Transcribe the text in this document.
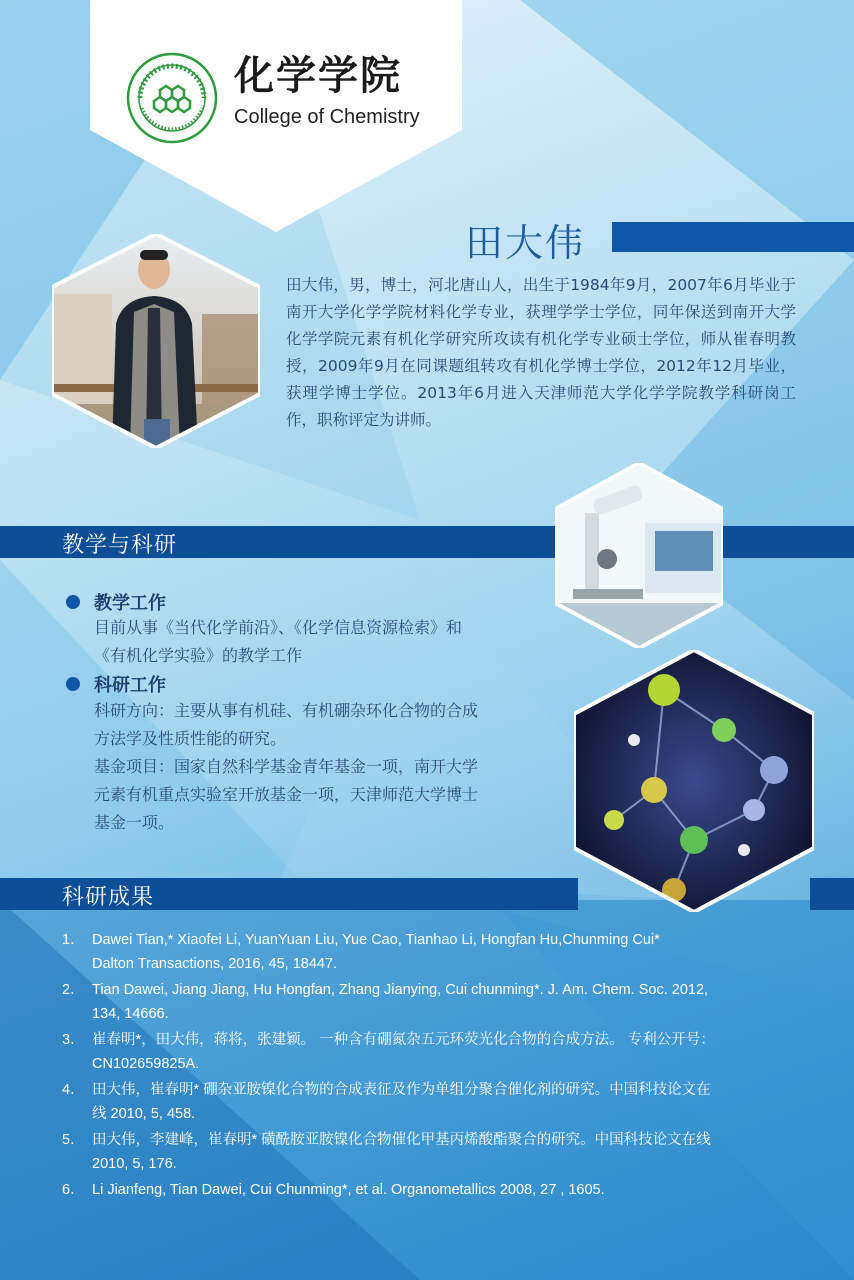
化学学院
College of Chemistry
田大伟
田大伟，男，博士，河北唐山人，出生于1984年9月，2007年6月毕业于南开大学化学学院材料化学专业，获理学学士学位，同年保送到南开大学化学学院元素有机化学研究所攻读有机化学专业硕士学位，师从崔春明教授，2009年9月在同课题组转攻有机化学博士学位，2012年12月毕业，获理学博士学位。2013年6月进入天津师范大学化学学院教学科研岗工作，职称评定为讲师。
教学与科研
教学工作
目前从事《当代化学前沿》、《化学信息资源检索》和
《有机化学实验》的教学工作
科研工作
科研方向：主要从事有机硅、有机硼杂环化合物的合成
方法学及性质性能的研究。
基金项目：国家自然科学基金青年基金一项，南开大学
元素有机重点实验室开放基金一项，天津师范大学博士
基金一项。
科研成果
1． Dawei Tian,* Xiaofei Li, YuanYuan Liu, Yue Cao, Tianhao Li, Hongfan Hu,Chunming Cui*
Dalton Transactions, 2016, 45, 18447.
2． Tian Dawei, Jiang Jiang, Hu Hongfan, Zhang Jianying, Cui chunming*. J. Am. Chem. Soc. 2012,
134, 14666.
3． 崔春明*，田大伟，蒋将，张建颖。 一种含有硼氮杂五元环荧光化合物的合成方法。 专利公开号：
CN102659825A.
4． 田大伟，崔春明* 硼杂亚胺镍化合物的合成表征及作为单组分聚合催化剂的研究。中国科技论文在
线 2010, 5, 458.
5． 田大伟，李建峰，崔春明* 磺酰胺亚胺镍化合物催化甲基丙烯酸酯聚合的研究。中国科技论文在线
2010, 5, 176.
6． Li Jianfeng, Tian Dawei, Cui Chunming*, et al. Organometallics 2008, 27 , 1605.
